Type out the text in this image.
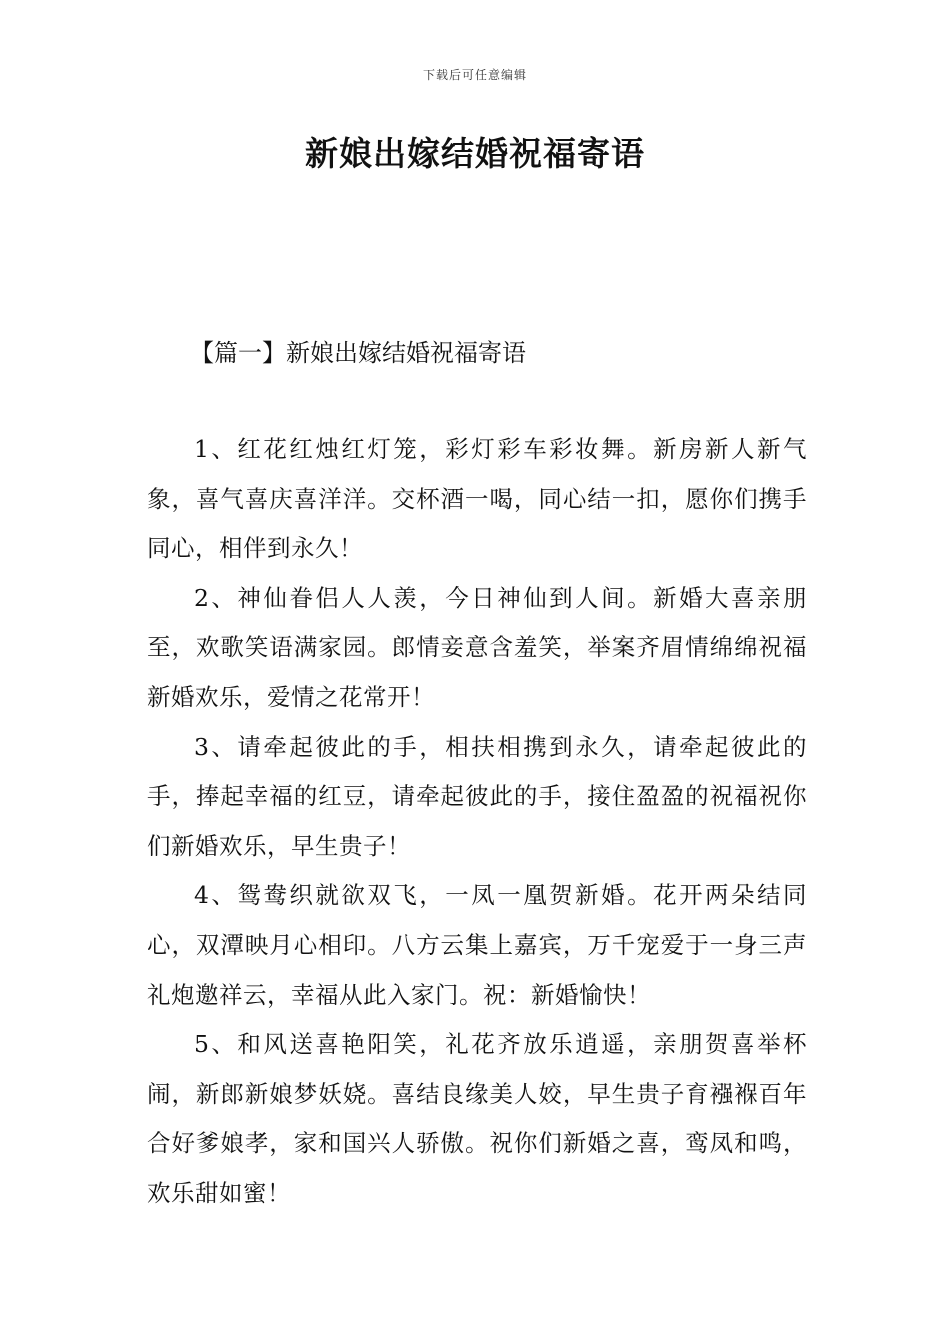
下载后可任意编辑
新娘出嫁结婚祝福寄语
【篇一】新娘出嫁结婚祝福寄语

1、红花红烛红灯笼，彩灯彩车彩妆舞。新房新人新气象，喜气喜庆喜洋洋。交杯酒一喝，同心结一扣，愿你们携手同心，相伴到永久！

2、神仙眷侣人人羡，今日神仙到人间。新婚大喜亲朋至，欢歌笑语满家园。郎情妾意含羞笑，举案齐眉情绵绵祝福新婚欢乐，爱情之花常开！

3、请牵起彼此的手，相扶相携到永久，请牵起彼此的手，捧起幸福的红豆，请牵起彼此的手，接住盈盈的祝福祝你们新婚欢乐，早生贵子！

4、鸳鸯织就欲双飞，一凤一凰贺新婚。花开两朵结同心，双潭映月心相印。八方云集上嘉宾，万千宠爱于一身三声礼炮邀祥云，幸福从此入家门。祝：新婚愉快！

5、和风送喜艳阳笑，礼花齐放乐逍遥，亲朋贺喜举杯闹，新郎新娘梦妖娆。喜结良缘美人姣，早生贵子育襁褓百年合好爹娘孝，家和国兴人骄傲。祝你们新婚之喜，鸾凤和鸣，欢乐甜如蜜！
